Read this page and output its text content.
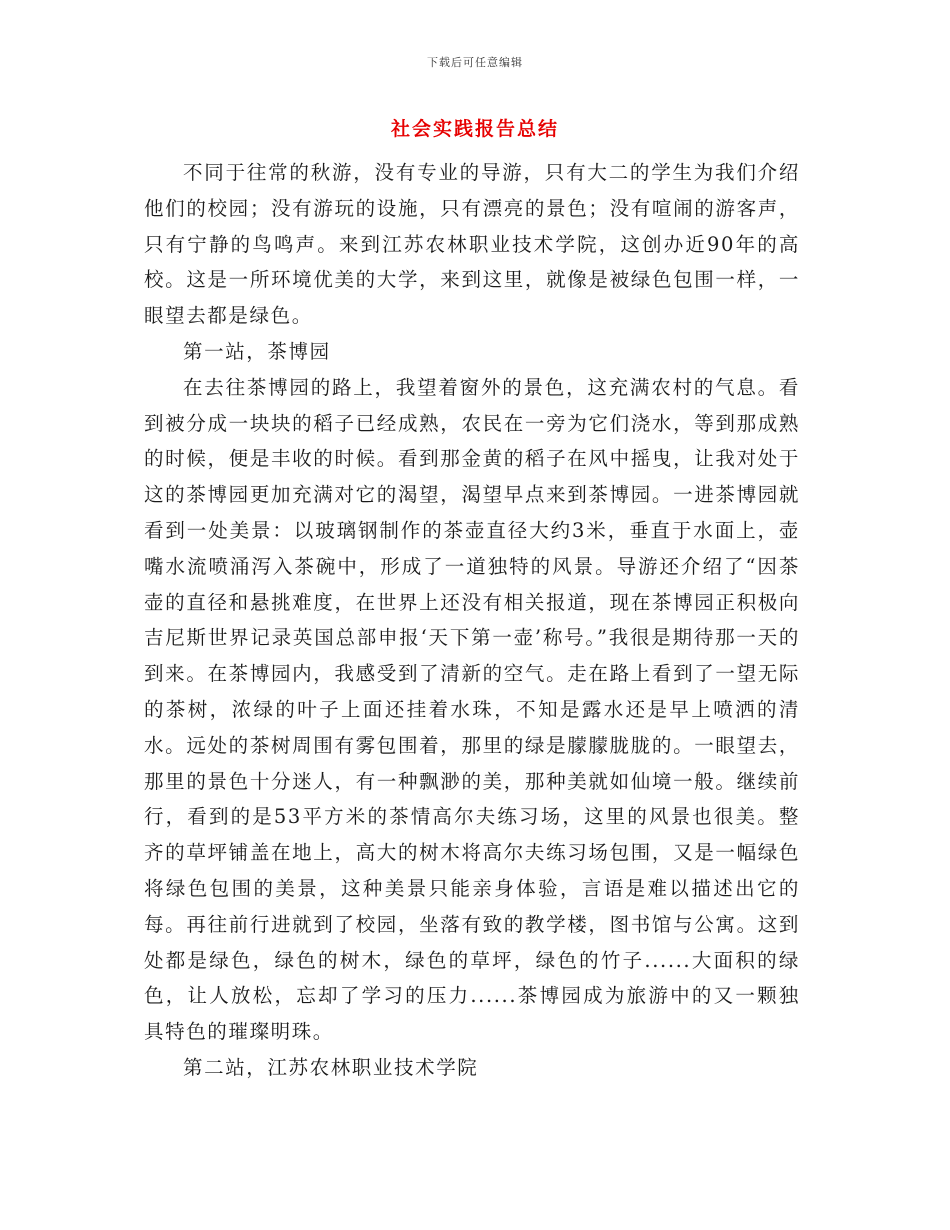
下载后可任意编辑
社会实践报告总结

不同于往常的秋游，没有专业的导游，只有大二的学生为我们介绍他们的校园；没有游玩的设施，只有漂亮的景色；没有喧闹的游客声，只有宁静的鸟鸣声。来到江苏农林职业技术学院，这创办近90年的高校。这是一所环境优美的大学，来到这里，就像是被绿色包围一样，一眼望去都是绿色。

第一站，茶博园

在去往茶博园的路上，我望着窗外的景色，这充满农村的气息。看到被分成一块块的稻子已经成熟，农民在一旁为它们浇水，等到那成熟的时候，便是丰收的时候。看到那金黄的稻子在风中摇曳，让我对处于这的茶博园更加充满对它的渴望，渴望早点来到茶博园。一进茶博园就看到一处美景：以玻璃钢制作的茶壶直径大约3米，垂直于水面上，壶嘴水流喷涌泻入茶碗中，形成了一道独特的风景。导游还介绍了“因茶壶的直径和悬挑难度，在世界上还没有相关报道，现在茶博园正积极向吉尼斯世界记录英国总部申报‘天下第一壶’称号。”我很是期待那一天的到来。在茶博园内，我感受到了清新的空气。走在路上看到了一望无际的茶树，浓绿的叶子上面还挂着水珠，不知是露水还是早上喷洒的清水。远处的茶树周围有雾包围着，那里的绿是朦朦胧胧的。一眼望去，那里的景色十分迷人，有一种飘渺的美，那种美就如仙境一般。继续前行，看到的是53平方米的茶情高尔夫练习场，这里的风景也很美。整齐的草坪铺盖在地上，高大的树木将高尔夫练习场包围，又是一幅绿色将绿色包围的美景，这种美景只能亲身体验，言语是难以描述出它的每。再往前行进就到了校园，坐落有致的教学楼，图书馆与公寓。这到处都是绿色，绿色的树木，绿色的草坪，绿色的竹子......大面积的绿色，让人放松，忘却了学习的压力......茶博园成为旅游中的又一颗独具特色的璀璨明珠。

第二站，江苏农林职业技术学院
